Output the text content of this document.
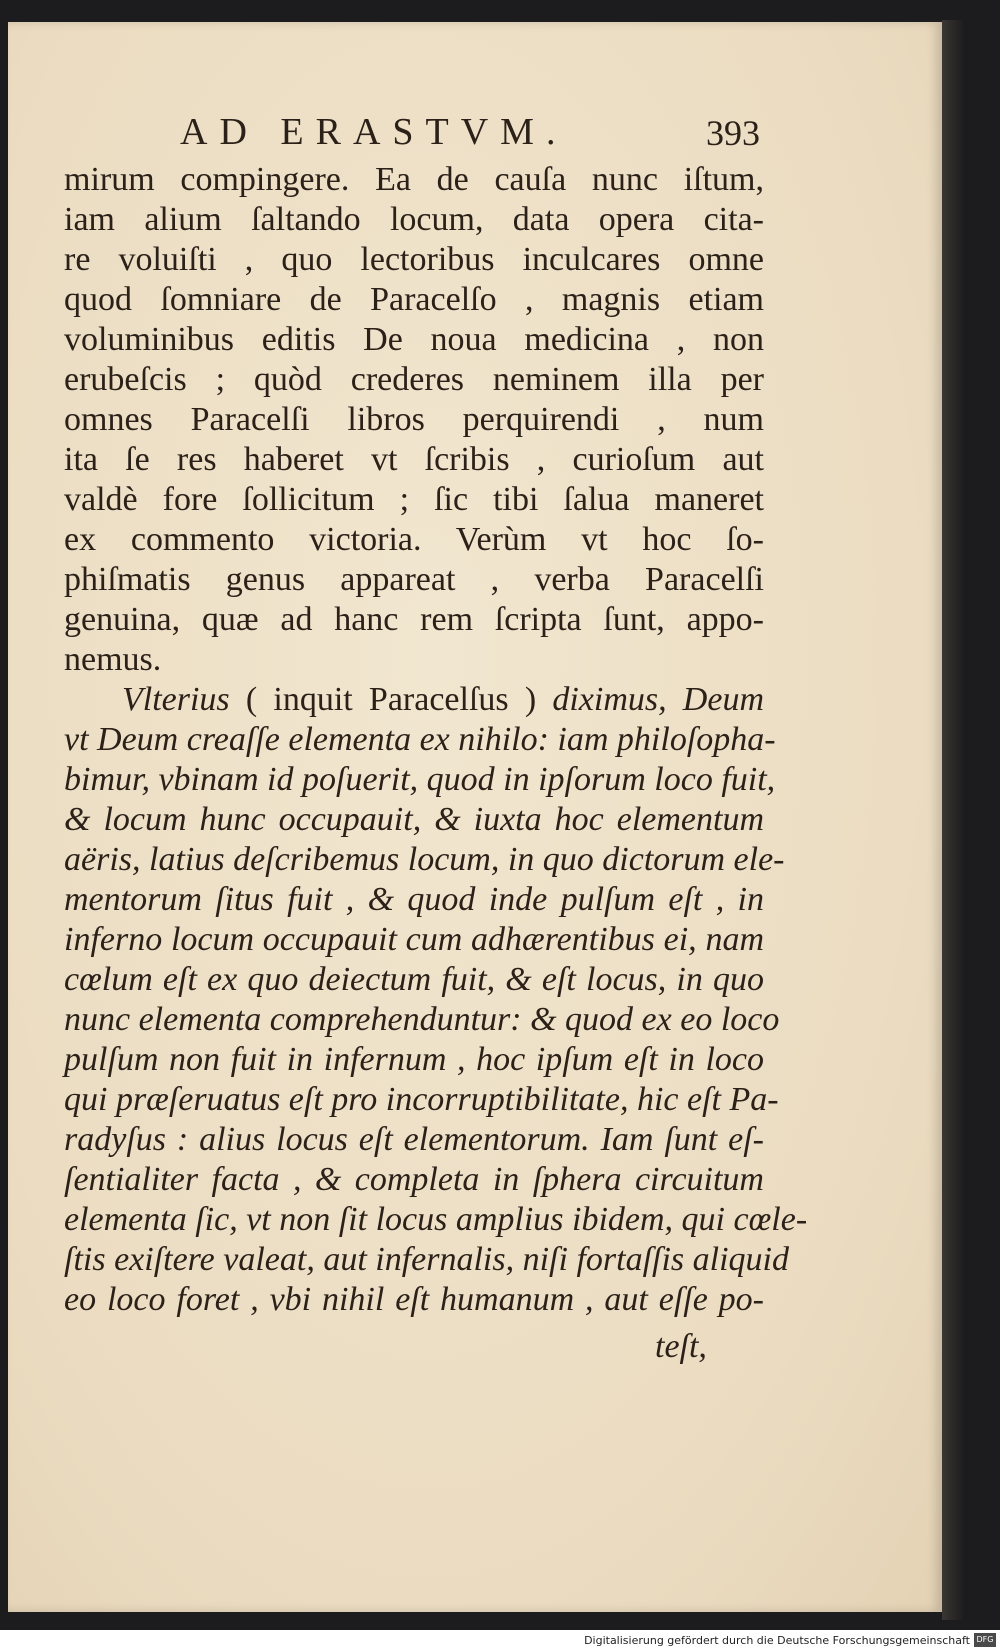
AD ERASTVM.	393
mirum compingere. Ea de cauſa nunc iſtum,
iam alium ſaltando locum, data opera cita-
re voluiſti , quo lectoribus inculcares omne
quod ſomniare de Paracelſo , magnis etiam
voluminibus editis De noua medicina , non
erubeſcis ; quòd crederes neminem illa per
omnes Paracelſi libros perquirendi , num
ita ſe res haberet vt ſcribis , curioſum aut
valdè fore ſollicitum ; ſic tibi ſalua maneret
ex commento victoria. Verùm vt hoc ſo-
phiſmatis genus appareat , verba Paracelſi
genuina, quæ ad hanc rem ſcripta ſunt, appo-
nemus.
Vlterius ( inquit Paracelſus ) diximus, Deum
vt Deum creaſſe elementa ex nihilo: iam philoſopha-
bimur, vbinam id poſuerit, quod in ipſorum loco fuit,
& locum hunc occupauit, & iuxta hoc elementum
aëris, latius deſcribemus locum, in quo dictorum ele-
mentorum ſitus fuit , & quod inde pulſum eſt , in
inferno locum occupauit cum adhærentibus ei, nam
cœlum eſt ex quo deiectum fuit, & eſt locus, in quo
nunc elementa comprehenduntur: & quod ex eo loco
pulſum non fuit in infernum , hoc ipſum eſt in loco
qui præſeruatus eſt pro incorruptibilitate, hic eſt Pa-
radyſus : alius locus eſt elementorum. Iam ſunt eſ-
ſentialiter facta , & completa in ſphera circuitum
elementa ſic, vt non ſit locus amplius ibidem, qui cœle-
ſtis exiſtere valeat, aut infernalis, niſi fortaſſis aliquid
eo loco foret , vbi nihil eſt humanum , aut eſſe po-
teſt,
Digitalisierung gefördert durch die Deutsche Forschungsgemeinschaft DFG
